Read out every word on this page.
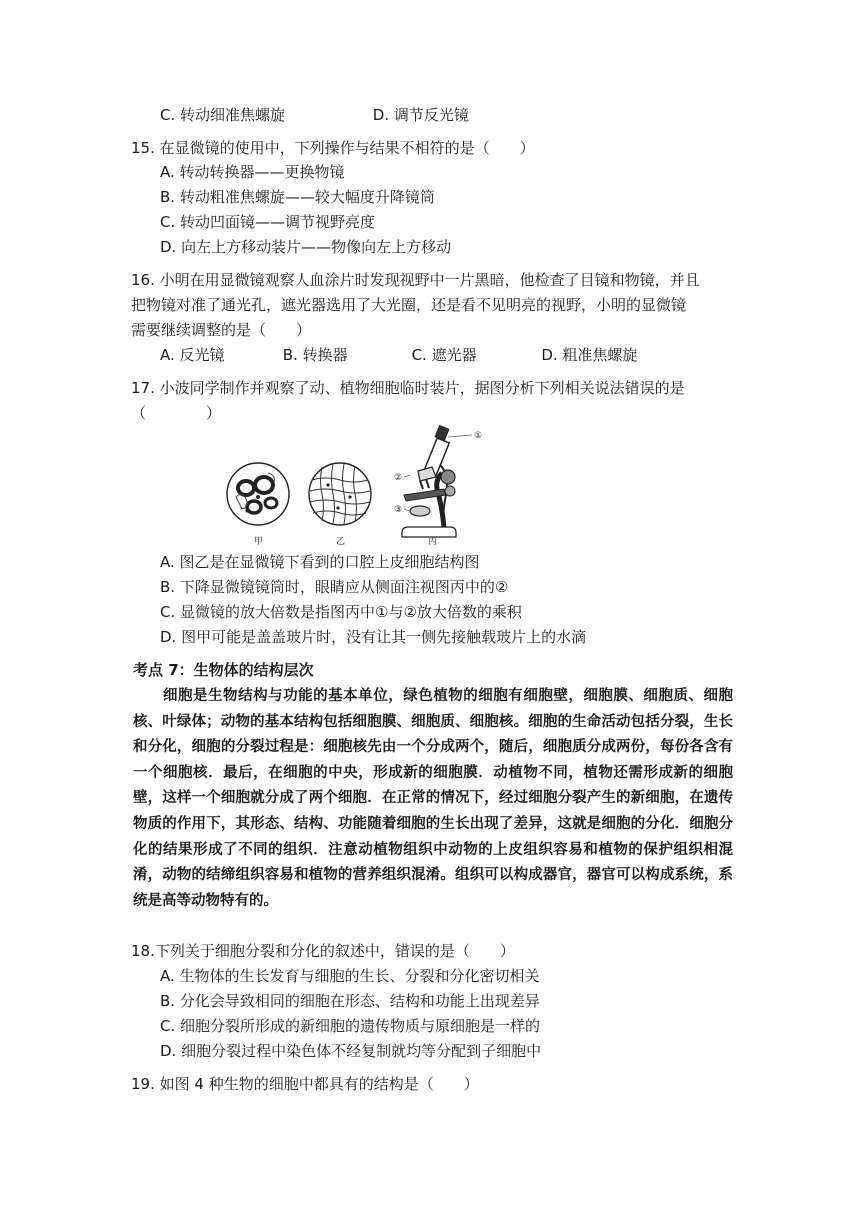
C. 转动细准焦螺旋	D. 调节反光镜
15. 在显微镜的使用中，下列操作与结果不相符的是（　　）
A. 转动转换器——更换物镜
B. 转动粗准焦螺旋——较大幅度升降镜筒
C. 转动凹面镜——调节视野亮度
D. 向左上方移动装片——物像向左上方移动
16. 小明在用显微镜观察人血涂片时发现视野中一片黑暗，他检查了目镜和物镜，并且
把物镜对准了通光孔，遮光器选用了大光圈，还是看不见明亮的视野，小明的显微镜
需要继续调整的是（　　）
A. 反光镜	B. 转换器	C. 遮光器	D. 粗准焦螺旋
17. 小波同学制作并观察了动、植物细胞临时装片，据图分析下列相关说法错误的是
（　　　　）
①
②
③
甲	乙	丙
A. 图乙是在显微镜下看到的口腔上皮细胞结构图
B. 下降显微镜镜筒时，眼睛应从侧面注视图丙中的②
C. 显微镜的放大倍数是指图丙中①与②放大倍数的乘积
D. 图甲可能是盖盖玻片时，没有让其一侧先接触载玻片上的水滴
考点 7：生物体的结构层次
细胞是生物结构与功能的基本单位，绿色植物的细胞有细胞壁，细胞膜、细胞质、细胞核、叶绿体；动物的基本结构包括细胞膜、细胞质、细胞核。细胞的生命活动包括分裂，生长和分化，细胞的分裂过程是：细胞核先由一个分成两个，随后，细胞质分成两份，每份各含有一个细胞核．最后，在细胞的中央，形成新的细胞膜．动植物不同，植物还需形成新的细胞壁，这样一个细胞就分成了两个细胞．在正常的情况下，经过细胞分裂产生的新细胞，在遗传物质的作用下，其形态、结构、功能随着细胞的生长出现了差异，这就是细胞的分化．细胞分化的结果形成了不同的组织．注意动植物组织中动物的上皮组织容易和植物的保护组织相混淆，动物的结缔组织容易和植物的营养组织混淆。组织可以构成器官，器官可以构成系统，系统是高等动物特有的。
18.下列关于细胞分裂和分化的叙述中，错误的是（　　）
A. 生物体的生长发育与细胞的生长、分裂和分化密切相关
B. 分化会导致相同的细胞在形态、结构和功能上出现差异
C. 细胞分裂所形成的新细胞的遗传物质与原细胞是一样的
D. 细胞分裂过程中染色体不经复制就均等分配到子细胞中
19. 如图 4 种生物的细胞中都具有的结构是（　　）
